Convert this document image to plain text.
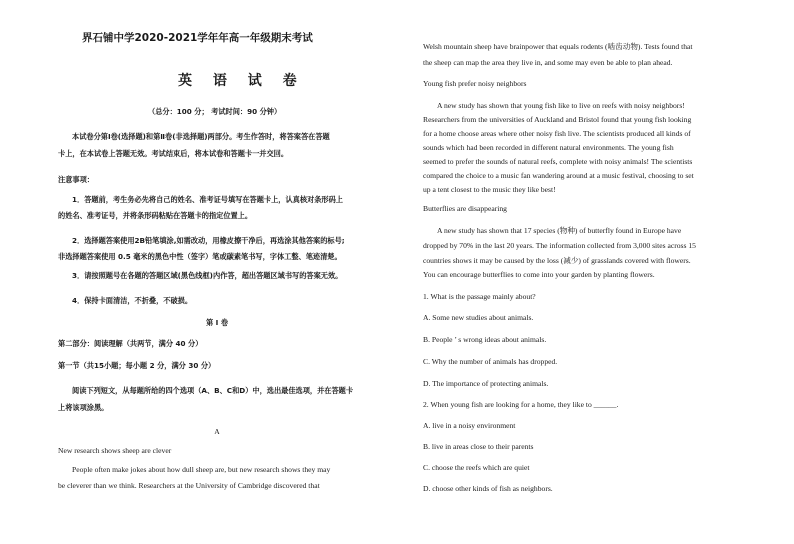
界石铺中学2020-2021学年年高一年级期末考试
英 语 试 卷
（总分：100 分； 考试时间：90 分钟）
本试卷分第Ⅰ卷(选择题)和第Ⅱ卷(非选择题)两部分。考生作答时，将答案答在答题
卡上，在本试卷上答题无效。考试结束后，将本试卷和答题卡一并交回。
注意事项：
1．答题前，考生务必先将自己的姓名、准考证号填写在答题卡上，认真核对条形码上
的姓名、准考证号，并将条形码粘贴在答题卡的指定位置上。
2．选择题答案使用2B铅笔填涂,如需改动，用橡皮擦干净后，再选涂其他答案的标号;
非选择题答案使用 0.5 毫米的黑色中性（签字）笔或碳素笔书写，字体工整、笔迹清楚。
3．请按照题号在各题的答题区域(黑色线框)内作答，超出答题区域书写的答案无效。
4．保持卡面清洁，不折叠，不破损。
第 I 卷
第二部分：阅读理解（共两节，满分 40 分）
第一节（共15小题；每小题 2 分，满分 30 分）
阅读下列短文，从每题所给的四个选项（A、B、C和D）中，选出最佳选项，并在答题卡
上将该项涂黑。
A
New research shows sheep are clever
People often make jokes about how dull sheep are, but new research shows they may
be cleverer than we think. Researchers at the University of Cambridge discovered that
Welsh mountain sheep have brainpower that equals rodents (啮齿动物). Tests found that
the sheep can map the area they live in, and some may even be able to plan ahead.
Young fish prefer noisy neighbors
A new study has shown that young fish like to live on reefs with noisy neighbors!
Researchers from the universities of Auckland and Bristol found that young fish looking
for a home choose areas where other noisy fish live. The scientists produced all kinds of
sounds which had been recorded in different natural environments. The young fish
seemed to prefer the sounds of natural reefs, complete with noisy animals! The scientists
compared the choice to a music fan wandering around at a music festival, choosing to set
up a tent closest to the music they like best!
Butterflies are disappearing
A new study has shown that 17 species (物种) of butterfly found in Europe have
dropped by 70% in the last 20 years. The information collected from 3,000 sites across 15
countries shows it may be caused by the loss (减少) of grasslands covered with flowers.
You can encourage butterflies to come into your garden by planting flowers.
1. What is the passage mainly about?
A. Some new studies about animals.
B. People ’ s wrong ideas about animals.
C. Why the number of animals has dropped.
D. The importance of protecting animals.
2. When young fish are looking for a home, they like to ______.
A. live in a noisy environment
B. live in areas close to their parents
C. choose the reefs which are quiet
D. choose other kinds of fish as neighbors.
